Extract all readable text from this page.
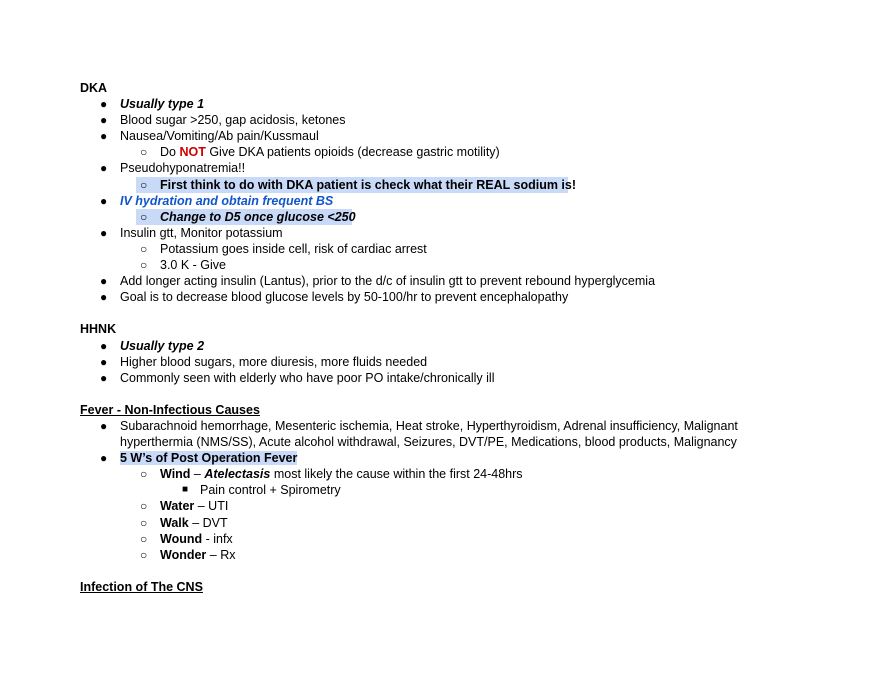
DKA
● Usually type 1
● Blood sugar >250, gap acidosis, ketones
● Nausea/Vomiting/Ab pain/Kussmaul
○ Do NOT Give DKA patients opioids (decrease gastric motility)
● Pseudohyponatremia!!
○ First think to do with DKA patient is check what their REAL sodium is!
● IV hydration and obtain frequent BS
○ Change to D5 once glucose <250
● Insulin gtt, Monitor potassium
○ Potassium goes inside cell, risk of cardiac arrest
○ 3.0 K - Give
● Add longer acting insulin (Lantus), prior to the d/c of insulin gtt to prevent rebound hyperglycemia
● Goal is to decrease blood glucose levels by 50-100/hr to prevent encephalopathy
HHNK
● Usually type 2
● Higher blood sugars, more diuresis, more fluids needed
● Commonly seen with elderly who have poor PO intake/chronically ill
Fever - Non-Infectious Causes
● Subarachnoid hemorrhage, Mesenteric ischemia, Heat stroke, Hyperthyroidism, Adrenal insufficiency, Malignant hyperthermia (NMS/SS), Acute alcohol withdrawal, Seizures, DVT/PE, Medications, blood products, Malignancy
● 5 W’s of Post Operation Fever
○ Wind – Atelectasis most likely the cause within the first 24-48hrs
■ Pain control + Spirometry
○ Water – UTI
○ Walk – DVT
○ Wound - infx
○ Wonder – Rx
Infection of The CNS
